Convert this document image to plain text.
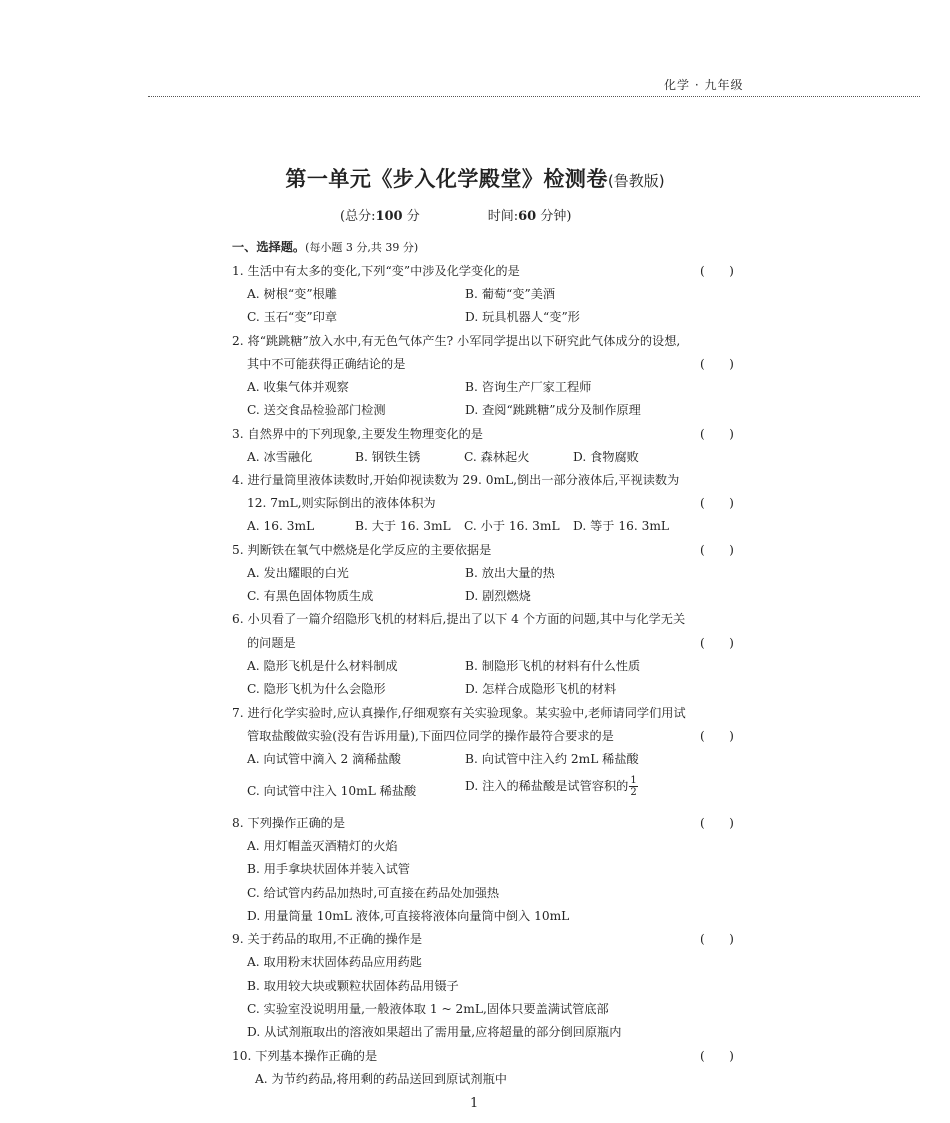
化学 · 九年级
第一单元《步入化学殿堂》检测卷(鲁教版)
(总分:100 分	时间:60 分钟)
一、选择题。(每小题 3 分,共 39 分)
1. 生活中有太多的变化,下列“变”中涉及化学变化的是	(　　)
A. 树根“变”根雕	B. 葡萄“变”美酒
C. 玉石“变”印章	D. 玩具机器人“变”形
2. 将“跳跳糖”放入水中,有无色气体产生? 小军同学提出以下研究此气体成分的设想,
其中不可能获得正确结论的是	(　　)
A. 收集气体并观察	B. 咨询生产厂家工程师
C. 送交食品检验部门检测	D. 查阅“跳跳糖”成分及制作原理
3. 自然界中的下列现象,主要发生物理变化的是	(　　)
A. 冰雪融化	B. 钢铁生锈	C. 森林起火	D. 食物腐败
4. 进行量筒里液体读数时,开始仰视读数为 29. 0mL,倒出一部分液体后,平视读数为
12. 7mL,则实际倒出的液体体积为	(　　)
A. 16. 3mL	B. 大于 16. 3mL C. 小于 16. 3mL D. 等于 16. 3mL
5. 判断铁在氧气中燃烧是化学反应的主要依据是	(　　)
A. 发出耀眼的白光	B. 放出大量的热
C. 有黑色固体物质生成	D. 剧烈燃烧
6. 小贝看了一篇介绍隐形飞机的材料后,提出了以下 4 个方面的问题,其中与化学无关
的问题是	(　　)
A. 隐形飞机是什么材料制成	B. 制隐形飞机的材料有什么性质
C. 隐形飞机为什么会隐形	D. 怎样合成隐形飞机的材料
7. 进行化学实验时,应认真操作,仔细观察有关实验现象。某实验中,老师请同学们用试
管取盐酸做实验(没有告诉用量),下面四位同学的操作最符合要求的是	(　　)
A. 向试管中滴入 2 滴稀盐酸	B. 向试管中注入约 2mL 稀盐酸
C. 向试管中注入 10mL 稀盐酸	D. 注入的稀盐酸是试管容积的 $\frac{1}{2}$
8. 下列操作正确的是	(　　)
A. 用灯帽盖灭酒精灯的火焰
B. 用手拿块状固体并装入试管
C. 给试管内药品加热时,可直接在药品处加强热
D. 用量筒量 10mL 液体,可直接将液体向量筒中倒入 10mL
9. 关于药品的取用,不正确的操作是	(　　)
A. 取用粉末状固体药品应用药匙
B. 取用较大块或颗粒状固体药品用镊子
C. 实验室没说明用量,一般液体取 1 ~ 2mL,固体只要盖满试管底部
D. 从试剂瓶取出的溶液如果超出了需用量,应将超量的部分倒回原瓶内
10. 下列基本操作正确的是	(　　)
A. 为节约药品,将用剩的药品送回到原试剂瓶中
1
